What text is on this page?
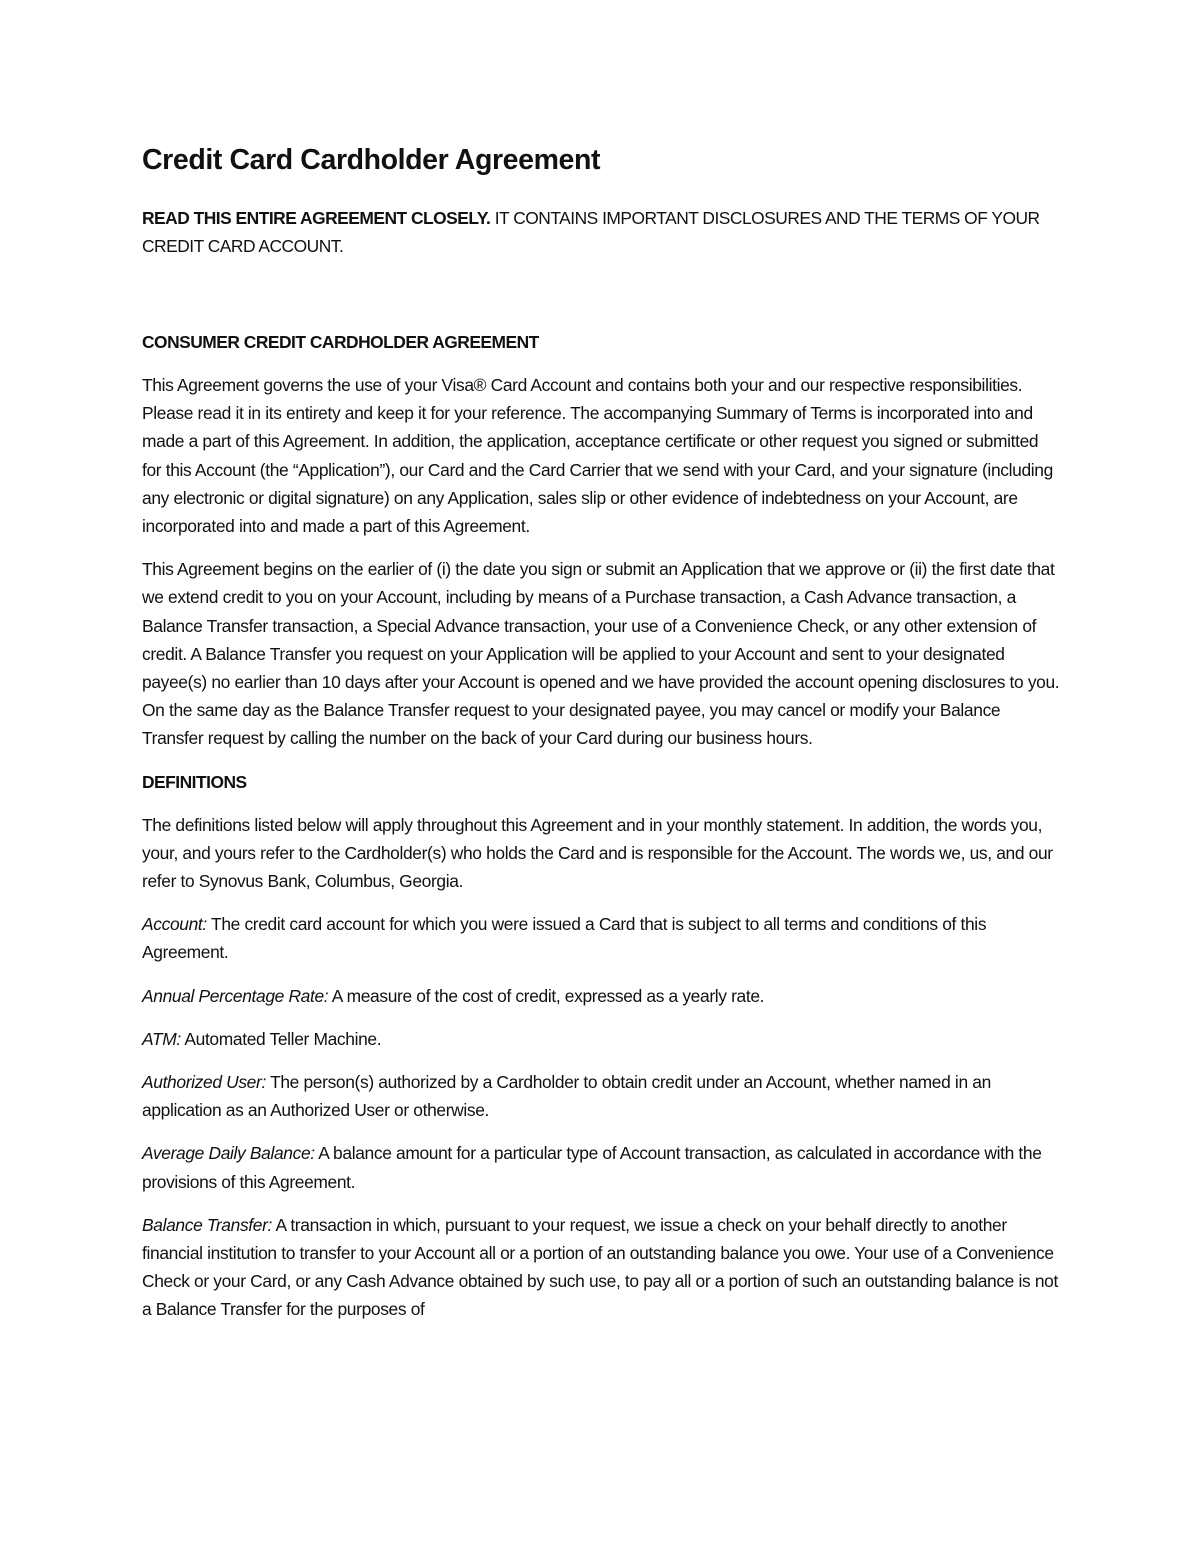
Credit Card Cardholder Agreement

READ THIS ENTIRE AGREEMENT CLOSELY. IT CONTAINS IMPORTANT DISCLOSURES AND THE TERMS OF YOUR CREDIT CARD ACCOUNT.

CONSUMER CREDIT CARDHOLDER AGREEMENT

This Agreement governs the use of your Visa® Card Account and contains both your and our respective responsibilities. Please read it in its entirety and keep it for your reference. The accompanying Summary of Terms is incorporated into and made a part of this Agreement. In addition, the application, acceptance certificate or other request you signed or submitted for this Account (the “Application”), our Card and the Card Carrier that we send with your Card, and your signature (including any electronic or digital signature) on any Application, sales slip or other evidence of indebtedness on your Account, are incorporated into and made a part of this Agreement.

This Agreement begins on the earlier of (i) the date you sign or submit an Application that we approve or (ii) the first date that we extend credit to you on your Account, including by means of a Purchase transaction, a Cash Advance transaction, a Balance Transfer transaction, a Special Advance transaction, your use of a Convenience Check, or any other extension of credit. A Balance Transfer you request on your Application will be applied to your Account and sent to your designated payee(s) no earlier than 10 days after your Account is opened and we have provided the account opening disclosures to you. On the same day as the Balance Transfer request to your designated payee, you may cancel or modify your Balance Transfer request by calling the number on the back of your Card during our business hours.

DEFINITIONS

The definitions listed below will apply throughout this Agreement and in your monthly statement. In addition, the words you, your, and yours refer to the Cardholder(s) who holds the Card and is responsible for the Account. The words we, us, and our refer to Synovus Bank, Columbus, Georgia.

Account: The credit card account for which you were issued a Card that is subject to all terms and conditions of this Agreement.

Annual Percentage Rate: A measure of the cost of credit, expressed as a yearly rate.

ATM: Automated Teller Machine.

Authorized User: The person(s) authorized by a Cardholder to obtain credit under an Account, whether named in an application as an Authorized User or otherwise.

Average Daily Balance: A balance amount for a particular type of Account transaction, as calculated in accordance with the provisions of this Agreement.

Balance Transfer: A transaction in which, pursuant to your request, we issue a check on your behalf directly to another financial institution to transfer to your Account all or a portion of an outstanding balance you owe. Your use of a Convenience Check or your Card, or any Cash Advance obtained by such use, to pay all or a portion of such an outstanding balance is not a Balance Transfer for the purposes of
